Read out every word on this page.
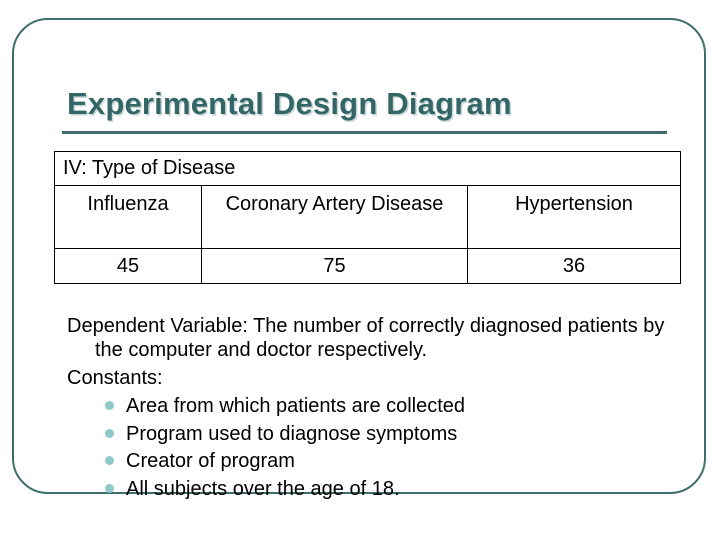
Experimental Design Diagram
IV: Type of Disease		
Influenza	Coronary Artery Disease	Hypertension
45	75	36

Dependent Variable: The number of correctly diagnosed patients by the computer and doctor respectively.

Constants:

Area from which patients are collected
Program used to diagnose symptoms
Creator of program
All subjects over the age of 18.
